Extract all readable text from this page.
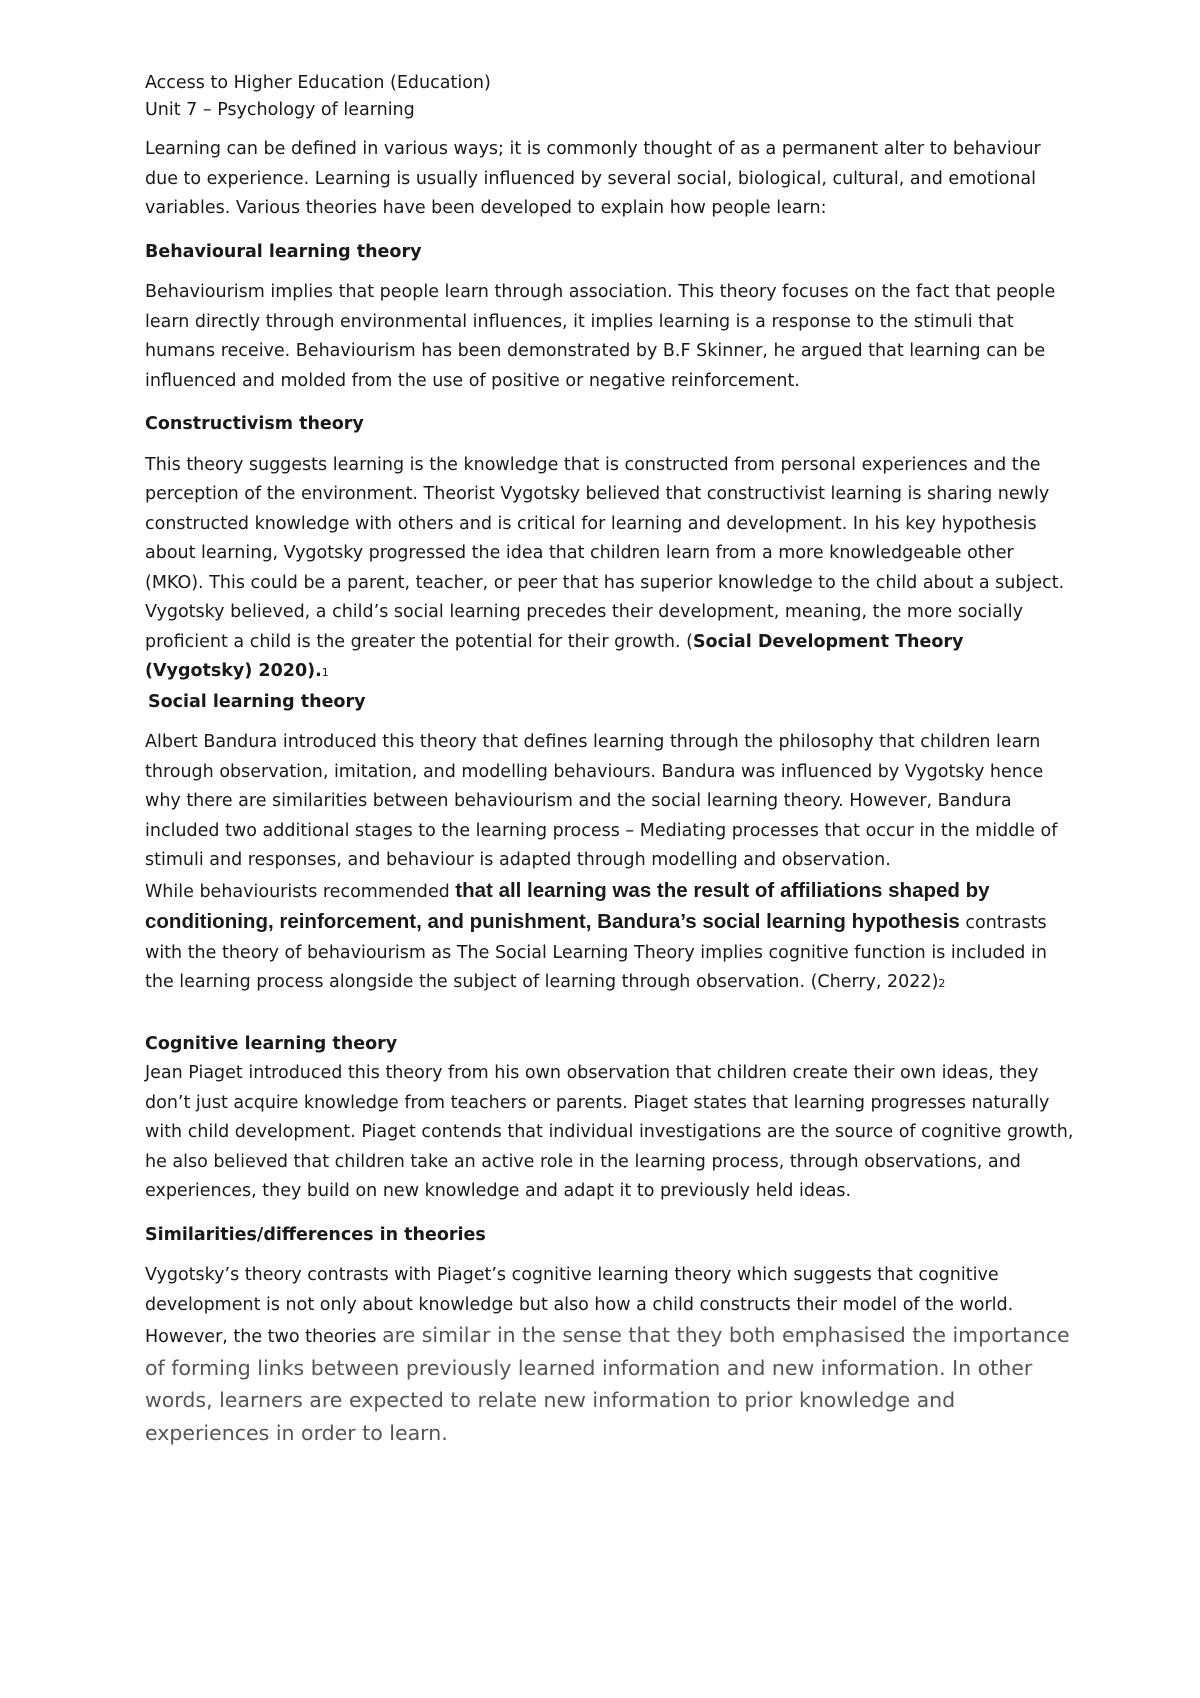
Access to Higher Education (Education)

Unit 7 – Psychology of learning

Learning can be defined in various ways; it is commonly thought of as a permanent alter to behaviour due to experience. Learning is usually influenced by several social, biological, cultural, and emotional variables. Various theories have been developed to explain how people learn:

Behavioural learning theory

Behaviourism implies that people learn through association. This theory focuses on the fact that people learn directly through environmental influences, it implies learning is a response to the stimuli that humans receive. Behaviourism has been demonstrated by B.F Skinner, he argued that learning can be influenced and molded from the use of positive or negative reinforcement.

Constructivism theory

This theory suggests learning is the knowledge that is constructed from personal experiences and the perception of the environment. Theorist Vygotsky believed that constructivist learning is sharing newly constructed knowledge with others and is critical for learning and development. In his key hypothesis about learning, Vygotsky progressed the idea that children learn from a more knowledgeable other (MKO). This could be a parent, teacher, or peer that has superior knowledge to the child about a subject. Vygotsky believed, a child’s social learning precedes their development, meaning, the more socially proficient a child is the greater the potential for their growth. (Social Development Theory (Vygotsky) 2020).1

Social learning theory

Albert Bandura introduced this theory that defines learning through the philosophy that children learn through observation, imitation, and modelling behaviours. Bandura was influenced by Vygotsky hence why there are similarities between behaviourism and the social learning theory. However, Bandura included two additional stages to the learning process – Mediating processes that occur in the middle of stimuli and responses, and behaviour is adapted through modelling and observation.

While behaviourists recommended that all learning was the result of affiliations shaped by conditioning, reinforcement, and punishment, Bandura’s social learning hypothesis contrasts with the theory of behaviourism as The Social Learning Theory implies cognitive function is included in the learning process alongside the subject of learning through observation. (Cherry, 2022)2

Cognitive learning theory

Jean Piaget introduced this theory from his own observation that children create their own ideas, they don’t just acquire knowledge from teachers or parents. Piaget states that learning progresses naturally with child development. Piaget contends that individual investigations are the source of cognitive growth, he also believed that children take an active role in the learning process, through observations, and experiences, they build on new knowledge and adapt it to previously held ideas.

Similarities/differences in theories

Vygotsky’s theory contrasts with Piaget’s cognitive learning theory which suggests that cognitive development is not only about knowledge but also how a child constructs their model of the world. However, the two theories are similar in the sense that they both emphasised the importance of forming links between previously learned information and new information. In other words, learners are expected to relate new information to prior knowledge and experiences in order to learn.
